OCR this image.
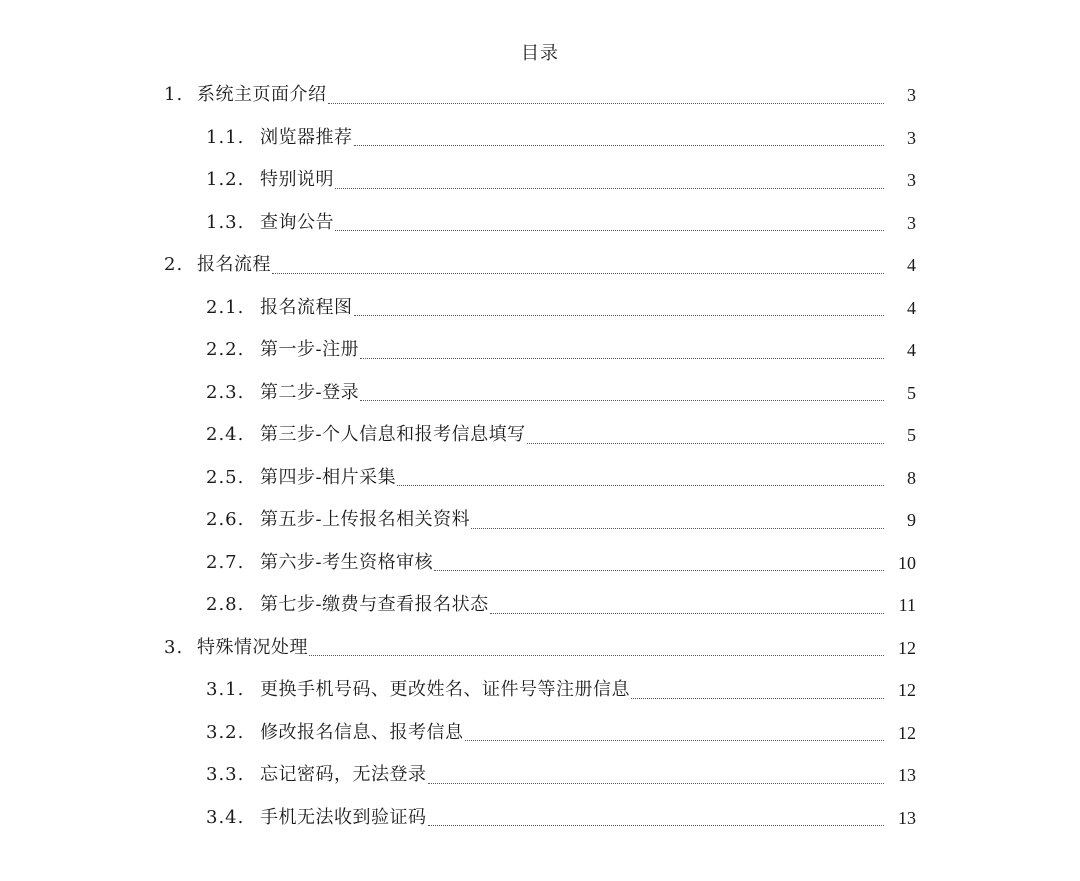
目录
1. 系统主页面介绍	3
1.1. 浏览器推荐	3
1.2. 特别说明	3
1.3. 查询公告	3
2. 报名流程	4
2.1. 报名流程图	4
2.2. 第一步-注册	4
2.3. 第二步-登录	5
2.4. 第三步-个人信息和报考信息填写	5
2.5. 第四步-相片采集	8
2.6. 第五步-上传报名相关资料	9
2.7. 第六步-考生资格审核	10
2.8. 第七步-缴费与查看报名状态	11
3. 特殊情况处理	12
3.1. 更换手机号码、更改姓名、证件号等注册信息	12
3.2. 修改报名信息、报考信息	12
3.3. 忘记密码，无法登录	13
3.4. 手机无法收到验证码	13
